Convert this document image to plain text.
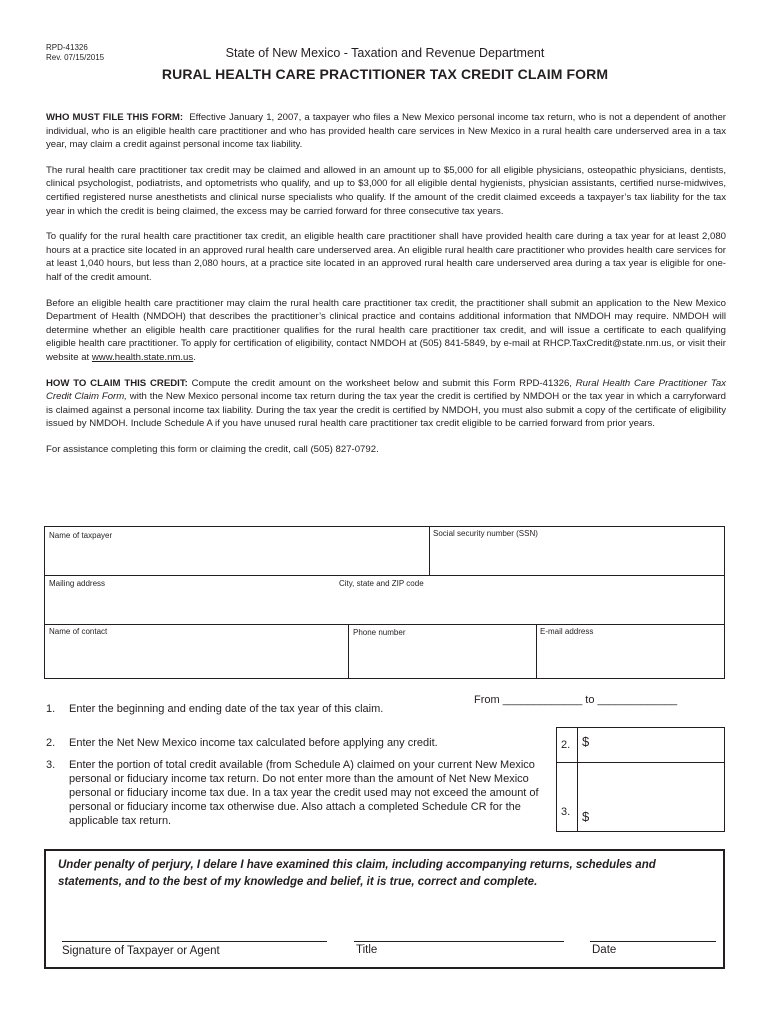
RPD-41326
Rev. 07/15/2015	State of New Mexico - Taxation and Revenue Department
RURAL HEALTH CARE PRACTITIONER TAX CREDIT CLAIM FORM

WHO MUST FILE THIS FORM: Effective January 1, 2007, a taxpayer who files a New Mexico personal income tax return, who is not a dependent of another individual, who is an eligible health care practitioner and who has provided health care services in New Mexico in a rural health care underserved area in a tax year, may claim a credit against personal income tax liability.

The rural health care practitioner tax credit may be claimed and allowed in an amount up to $5,000 for all eligible physicians, osteopathic physicians, dentists, clinical psychologist, podiatrists, and optometrists who qualify, and up to $3,000 for all eligible dental hygienists, physician assistants, certified nurse-midwives, certified registered nurse anesthetists and clinical nurse specialists who qualify. If the amount of the credit claimed exceeds a taxpayer’s tax liability for the tax year in which the credit is being claimed, the excess may be carried forward for three consecutive tax years.

To qualify for the rural health care practitioner tax credit, an eligible health care practitioner shall have provided health care during a tax year for at least 2,080 hours at a practice site located in an approved rural health care underserved area. An eligible rural health care practitioner who provides health care services for at least 1,040 hours, but less than 2,080 hours, at a practice site located in an approved rural health care underserved area during a tax year is eligible for one-half of the credit amount.

Before an eligible health care practitioner may claim the rural health care practitioner tax credit, the practitioner shall submit an application to the New Mexico Department of Health (NMDOH) that describes the practitioner’s clinical practice and contains additional information that NMDOH may require. NMDOH will determine whether an eligible health care practitioner qualifies for the rural health care practitioner tax credit, and will issue a certificate to each qualifying eligible health care practitioner. To apply for certification of eligibility, contact NMDOH at (505) 841-5849, by e-mail at RHCP.TaxCredit@state.nm.us, or visit their website at www.health.state.nm.us.

HOW TO CLAIM THIS CREDIT: Compute the credit amount on the worksheet below and submit this Form RPD-41326, Rural Health Care Practitioner Tax Credit Claim Form, with the New Mexico personal income tax return during the tax year the credit is certified by NMDOH or the tax year in which a carryforward is claimed against a personal income tax liability. During the tax year the credit is certified by NMDOH, you must also submit a copy of the certificate of eligibility issued by NMDOH. Include Schedule A if you have unused rural health care practitioner tax credit eligible to be carried forward from prior years.

For assistance completing this form or claiming the credit, call (505) 827-0792.

Name of taxpayer	Social security number (SSN)
Mailing address	City, state and ZIP code
Name of contact	Phone number	E-mail address
1. Enter the beginning and ending date of the tax year of this claim.
From _____________ to _____________
2. Enter the Net New Mexico income tax calculated before applying any credit.
3. Enter the portion of total credit available (from Schedule A) claimed on your current New Mexico personal or fiduciary income tax return. Do not enter more than the amount of Net New Mexico personal or fiduciary income tax due. In a tax year the credit used may not exceed the amount of personal or fiduciary income tax otherwise due. Also attach a completed Schedule CR for the applicable tax return.
2. $
3. $
Under penalty of perjury, I delare I have examined this claim, including accompanying returns, schedules and statements, and to the best of my knowledge and belief, it is true, correct and complete.
Signature of Taxpayer or Agent	Title	Date
